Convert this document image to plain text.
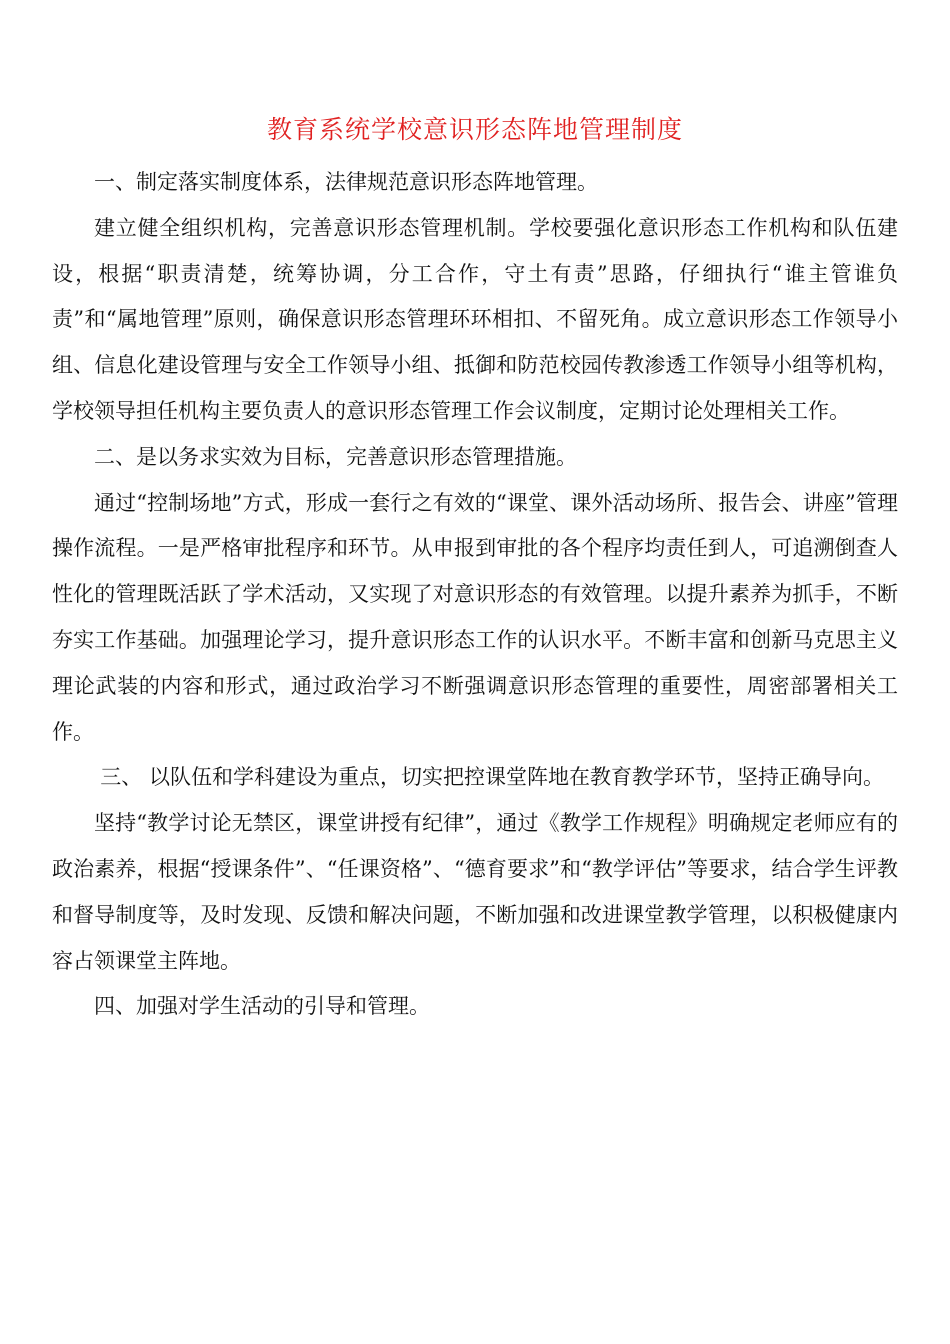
教育系统学校意识形态阵地管理制度

一、制定落实制度体系，法律规范意识形态阵地管理。

建立健全组织机构，完善意识形态管理机制。学校要强化意识形态工作机构和队伍建设，根据“职责清楚，统筹协调，分工合作，守土有责”思路，仔细执行“谁主管谁负责”和“属地管理”原则，确保意识形态管理环环相扣、不留死角。成立意识形态工作领导小组、信息化建设管理与安全工作领导小组、抵御和防范校园传教渗透工作领导小组等机构，学校领导担任机构主要负责人的意识形态管理工作会议制度，定期讨论处理相关工作。

二、是以务求实效为目标，完善意识形态管理措施。

通过“控制场地”方式，形成一套行之有效的“课堂、课外活动场所、报告会、讲座”管理操作流程。一是严格审批程序和环节。从申报到审批的各个程序均责任到人，可追溯倒查人性化的管理既活跃了学术活动，又实现了对意识形态的有效管理。以提升素养为抓手，不断夯实工作基础。加强理论学习，提升意识形态工作的认识水平。不断丰富和创新马克思主义理论武装的内容和形式，通过政治学习不断强调意识形态管理的重要性，周密部署相关工作。

三、 以队伍和学科建设为重点，切实把控课堂阵地在教育教学环节，坚持正确导向。

坚持“教学讨论无禁区，课堂讲授有纪律”，通过《教学工作规程》明确规定老师应有的政治素养，根据“授课条件”、“任课资格”、“德育要求”和“教学评估”等要求，结合学生评教和督导制度等，及时发现、反馈和解决问题，不断加强和改进课堂教学管理，以积极健康内容占领课堂主阵地。

四、加强对学生活动的引导和管理。
